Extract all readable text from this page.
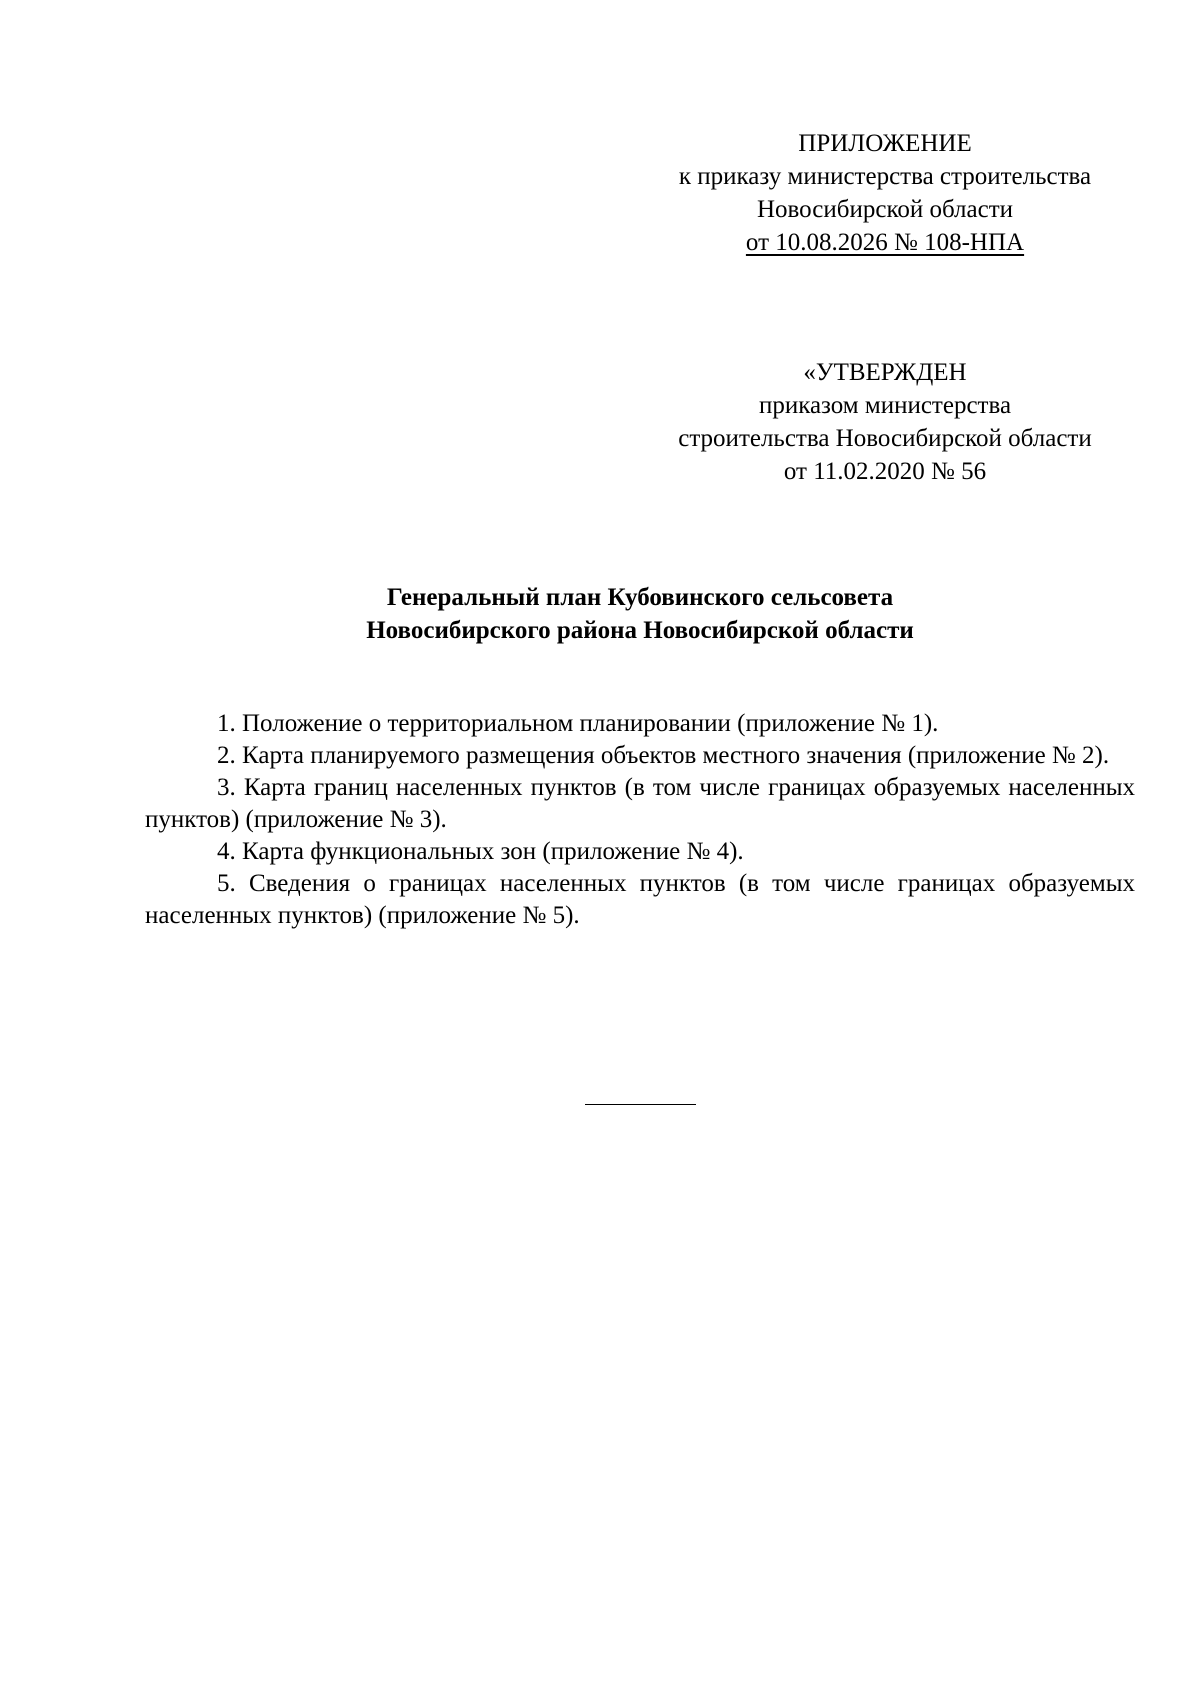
ПРИЛОЖЕНИЕ
к приказу министерства строительства
Новосибирской области
от 10.08.2026 № 108-НПА
«УТВЕРЖДЕН
приказом министерства
строительства Новосибирской области
от 11.02.2020 № 56
Генеральный план Кубовинского сельсовета
Новосибирского района Новосибирской области

1. Положение о территориальном планировании (приложение № 1).

2. Карта планируемого размещения объектов местного значения (приложение № 2).

3. Карта границ населенных пунктов (в том числе границах образуемых населенных пунктов) (приложение № 3).

4. Карта функциональных зон (приложение № 4).

5. Сведения о границах населенных пунктов (в том числе границах образуемых населенных пунктов) (приложение № 5).
